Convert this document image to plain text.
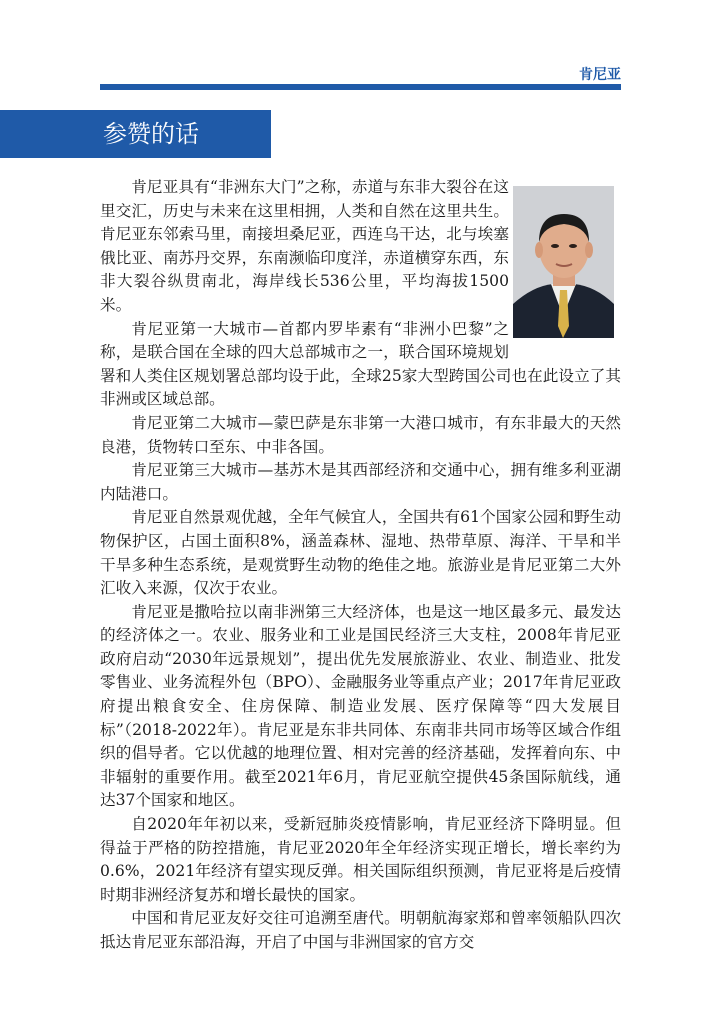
肯尼亚
参赞的话

肯尼亚具有“非洲东大门”之称，赤道与东非大裂谷在这里交汇，历史与未来在这里相拥，人类和自然在这里共生。肯尼亚东邻索马里，南接坦桑尼亚，西连乌干达，北与埃塞俄比亚、南苏丹交界，东南濒临印度洋，赤道横穿东西，东非大裂谷纵贯南北，海岸线长536公里，平均海拔1500米。

肯尼亚第一大城市—首都内罗毕素有“非洲小巴黎”之称，是联合国在全球的四大总部城市之一，联合国环境规划署和人类住区规划署总部均设于此，全球25家大型跨国公司也在此设立了其非洲或区域总部。

肯尼亚第二大城市—蒙巴萨是东非第一大港口城市，有东非最大的天然良港，货物转口至东、中非各国。

肯尼亚第三大城市—基苏木是其西部经济和交通中心，拥有维多利亚湖内陆港口。

肯尼亚自然景观优越，全年气候宜人，全国共有61个国家公园和野生动物保护区，占国土面积8%，涵盖森林、湿地、热带草原、海洋、干旱和半干旱多种生态系统，是观赏野生动物的绝佳之地。旅游业是肯尼亚第二大外汇收入来源，仅次于农业。

肯尼亚是撒哈拉以南非洲第三大经济体，也是这一地区最多元、最发达的经济体之一。农业、服务业和工业是国民经济三大支柱，2008年肯尼亚政府启动“2030年远景规划”，提出优先发展旅游业、农业、制造业、批发零售业、业务流程外包（BPO）、金融服务业等重点产业；2017年肯尼亚政府提出粮食安全、住房保障、制造业发展、医疗保障等“四大发展目标”（2018-2022年）。肯尼亚是东非共同体、东南非共同市场等区域合作组织的倡导者。它以优越的地理位置、相对完善的经济基础，发挥着向东、中非辐射的重要作用。截至2021年6月，肯尼亚航空提供45条国际航线，通达37个国家和地区。

自2020年年初以来，受新冠肺炎疫情影响，肯尼亚经济下降明显。但得益于严格的防控措施，肯尼亚2020年全年经济实现正增长，增长率约为0.6%，2021年经济有望实现反弹。相关国际组织预测，肯尼亚将是后疫情时期非洲经济复苏和增长最快的国家。

中国和肯尼亚友好交往可追溯至唐代。明朝航海家郑和曾率领船队四次抵达肯尼亚东部沿海，开启了中国与非洲国家的官方交
